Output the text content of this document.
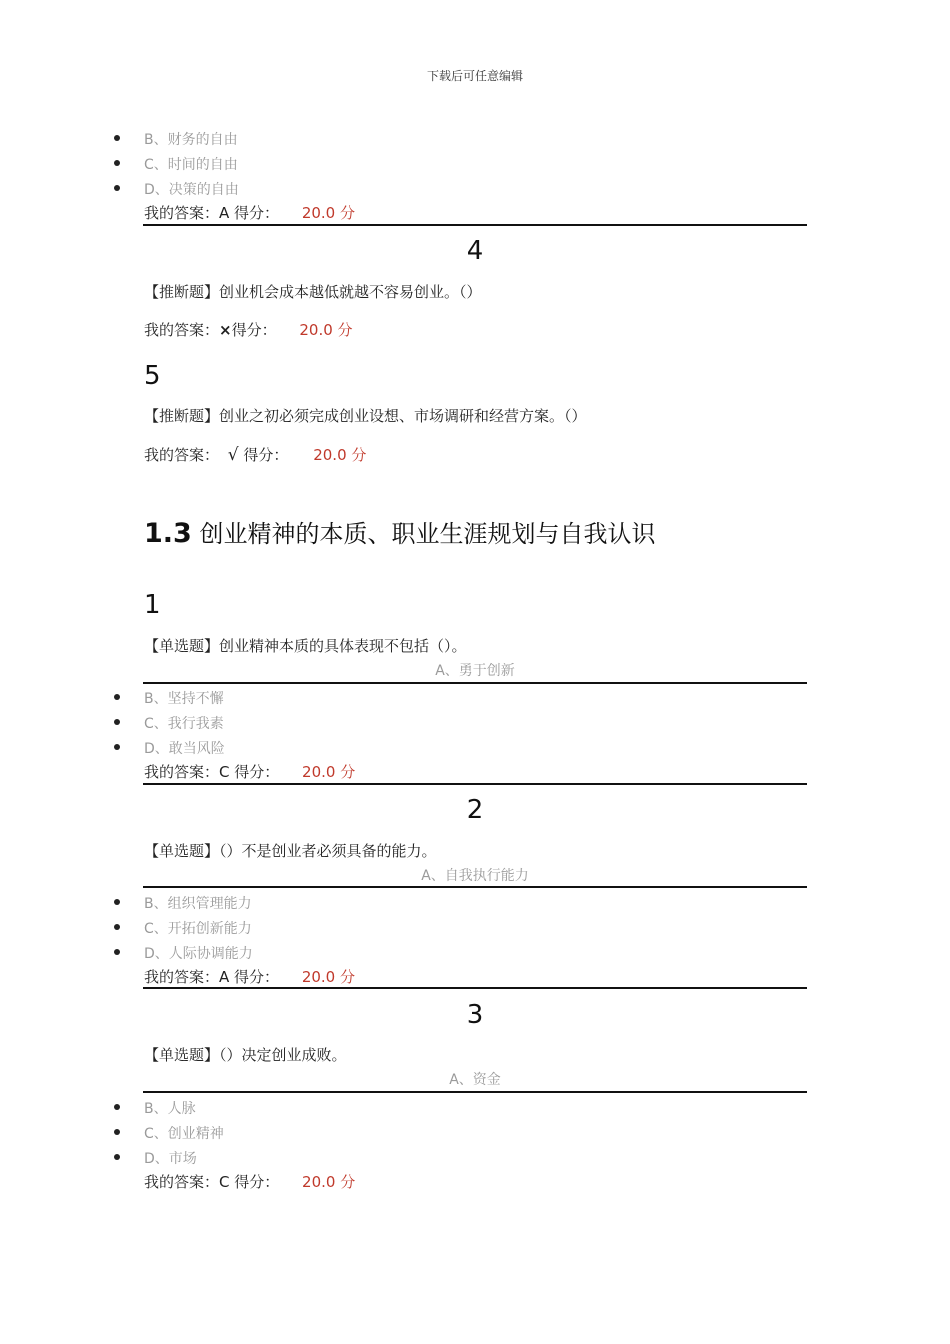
下载后可任意编辑
B、财务的自由
C、时间的自由
D、决策的自由
我的答案：A 得分： 20.0 分
4
【推断题】创业机会成本越低就越不容易创业。（）
我的答案：×得分： 20.0 分
5
【推断题】创业之初必须完成创业设想、市场调研和经营方案。（）
我的答案： √ 得分： 20.0 分
1.3 创业精神的本质、职业生涯规划与自我认识
1
【单选题】创业精神本质的具体表现不包括（）。
A、勇于创新
B、坚持不懈
C、我行我素
D、敢当风险
我的答案：C 得分： 20.0 分
2
【单选题】（）不是创业者必须具备的能力。
A、自我执行能力
B、组织管理能力
C、开拓创新能力
D、人际协调能力
我的答案：A 得分： 20.0 分
3
【单选题】（）决定创业成败。
A、资金
B、人脉
C、创业精神
D、市场
我的答案：C 得分： 20.0 分
